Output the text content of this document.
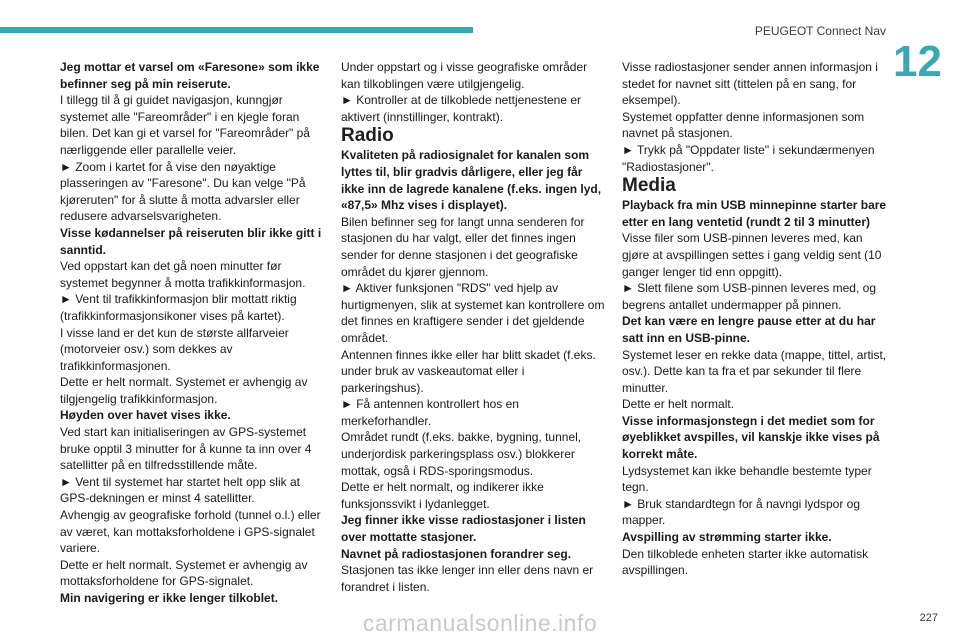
PEUGEOT Connect Nav
12

Jeg mottar et varsel om «Faresone» som ikke befinner seg på min reiserute.

I tillegg til å gi guidet navigasjon, kunngjør systemet alle "Fareområder" i en kjegle foran bilen. Det kan gi et varsel for "Fareområder" på nærliggende eller parallelle veier.

► Zoom i kartet for å vise den nøyaktige plasseringen av "Faresone". Du kan velge "På kjøreruten" for å slutte å motta advarsler eller redusere advarselsvarigheten.

Visse kødannelser på reiseruten blir ikke gitt i sanntid.

Ved oppstart kan det gå noen minutter før systemet begynner å motta trafikkinformasjon.

► Vent til trafikkinformasjon blir mottatt riktig (trafikkinformasjonsikoner vises på kartet).

I visse land er det kun de største allfarveier (motorveier osv.) som dekkes av trafikkinformasjonen.

Dette er helt normalt. Systemet er avhengig av tilgjengelig trafikkinformasjon.

Høyden over havet vises ikke.

Ved start kan initialiseringen av GPS-systemet bruke opptil 3 minutter for å kunne ta inn over 4 satellitter på en tilfredsstillende måte.

► Vent til systemet har startet helt opp slik at GPS-dekningen er minst 4 satellitter.

Avhengig av geografiske forhold (tunnel o.l.) eller av været, kan mottaksforholdene i GPS-signalet variere.

Dette er helt normalt. Systemet er avhengig av mottaksforholdene for GPS-signalet.

Min navigering er ikke lenger tilkoblet.

Under oppstart og i visse geografiske områder kan tilkoblingen være utilgjengelig.

► Kontroller at de tilkoblede nettjenestene er aktivert (innstillinger, kontrakt).

Radio

Kvaliteten på radiosignalet for kanalen som lyttes til, blir gradvis dårligere, eller jeg får ikke inn de lagrede kanalene (f.eks. ingen lyd, «87,5» Mhz vises i displayet).

Bilen befinner seg for langt unna senderen for stasjonen du har valgt, eller det finnes ingen sender for denne stasjonen i det geografiske området du kjører gjennom.

► Aktiver funksjonen "RDS" ved hjelp av hurtigmenyen, slik at systemet kan kontrollere om det finnes en kraftigere sender i det gjeldende området.

Antennen finnes ikke eller har blitt skadet (f.eks. under bruk av vaskeautomat eller i parkeringshus).

► Få antennen kontrollert hos en merkeforhandler.

Området rundt (f.eks. bakke, bygning, tunnel, underjordisk parkeringsplass osv.) blokkerer mottak, også i RDS-sporingsmodus.

Dette er helt normalt, og indikerer ikke funksjonssvikt i lydanlegget.

Jeg finner ikke visse radiostasjoner i listen over mottatte stasjoner.

Navnet på radiostasjonen forandrer seg.

Stasjonen tas ikke lenger inn eller dens navn er forandret i listen.

Visse radiostasjoner sender annen informasjon i stedet for navnet sitt (tittelen på en sang, for eksempel).

Systemet oppfatter denne informasjonen som navnet på stasjonen.

► Trykk på "Oppdater liste" i sekundærmenyen "Radiostasjoner".

Media

Playback fra min USB minnepinne starter bare etter en lang ventetid (rundt 2 til 3 minutter)

Visse filer som USB-pinnen leveres med, kan gjøre at avspillingen settes i gang veldig sent (10 ganger lenger tid enn oppgitt).

► Slett filene som USB-pinnen leveres med, og begrens antallet undermapper på pinnen.

Det kan være en lengre pause etter at du har satt inn en USB-pinne.

Systemet leser en rekke data (mappe, tittel, artist, osv.). Dette kan ta fra et par sekunder til flere minutter.

Dette er helt normalt.

Visse informasjonstegn i det mediet som for øyeblikket avspilles, vil kanskje ikke vises på korrekt måte.

Lydsystemet kan ikke behandle bestemte typer tegn.

► Bruk standardtegn for å navngi lydspor og mapper.

Avspilling av strømming starter ikke.

Den tilkoblede enheten starter ikke automatisk avspillingen.

227
carmanualsonline.info
